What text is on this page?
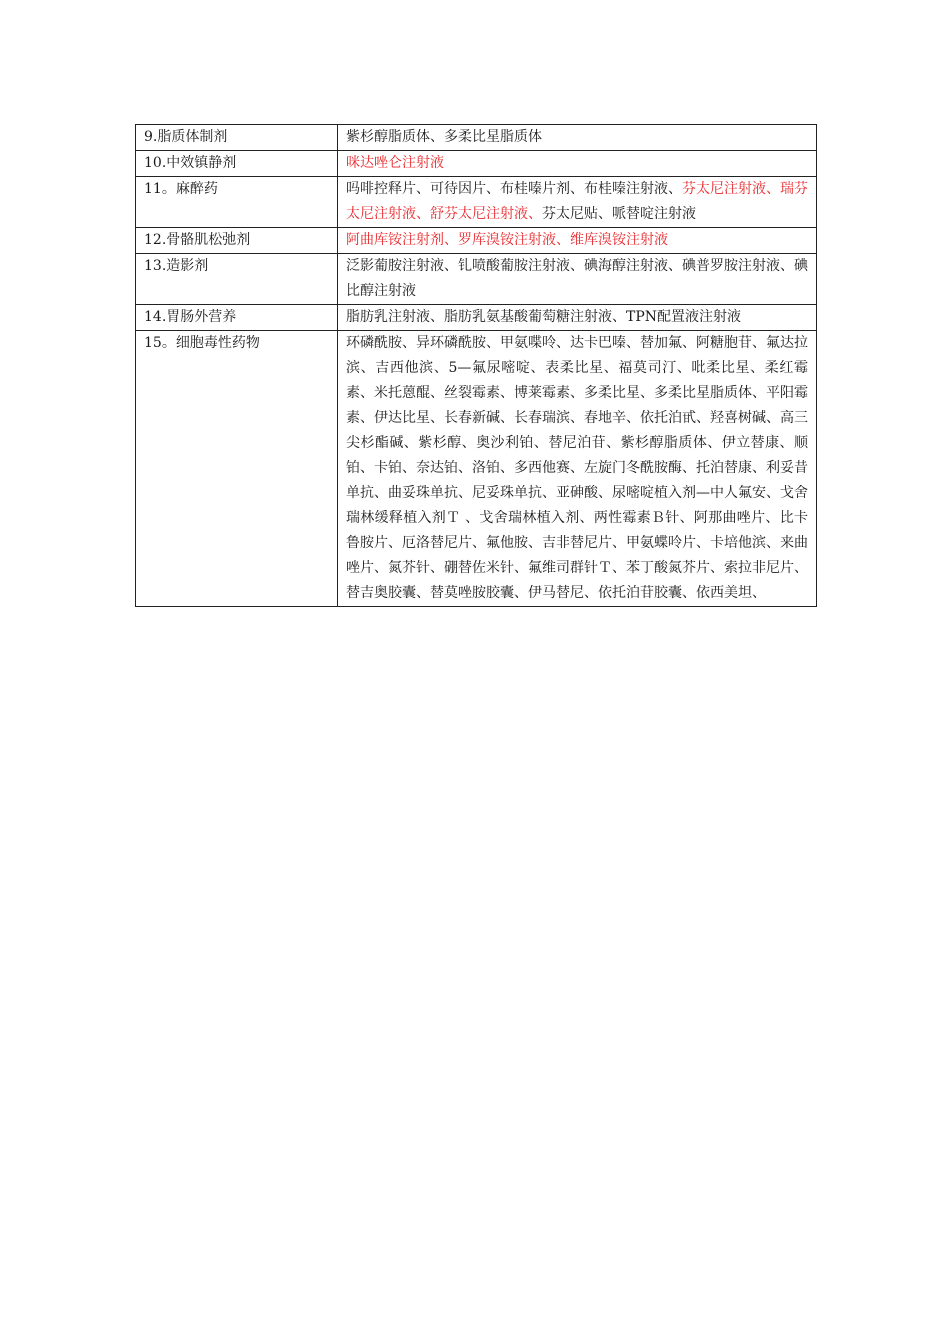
9.脂质体制剂	紫杉醇脂质体、多柔比星脂质体
10.中效镇静剂	咪达唑仑注射液
11。麻醉药	吗啡控释片、可待因片、布桂嗪片剂、布桂嗪注射液、芬太尼注射液、瑞芬太尼注射液、舒芬太尼注射液、芬太尼贴、哌替啶注射液
12.骨骼肌松弛剂	阿曲库铵注射剂、罗库溴铵注射液、维库溴铵注射液
13.造影剂	泛影葡胺注射液、钆喷酸葡胺注射液、碘海醇注射液、碘普罗胺注射液、碘比醇注射液
14.胃肠外营养	脂肪乳注射液、脂肪乳氨基酸葡萄糖注射液、TPN配置液注射液
15。细胞毒性药物	环磷酰胺、异环磷酰胺、甲氨喋呤、达卡巴嗪、替加氟、阿糖胞苷、氟达拉滨、吉西他滨、5—氟尿嘧啶、表柔比星、福莫司汀、吡柔比星、柔红霉素、米托蒽醌、丝裂霉素、博莱霉素、多柔比星、多柔比星脂质体、平阳霉素、伊达比星、长春新碱、长春瑞滨、春地辛、依托泊甙、羟喜树碱、高三尖杉酯碱、紫杉醇、奥沙利铂、替尼泊苷、紫杉醇脂质体、伊立替康、顺铂、卡铂、奈达铂、洛铂、多西他赛、左旋门冬酰胺酶、托泊替康、利妥昔单抗、曲妥珠单抗、尼妥珠单抗、亚砷酸、尿嘧啶植入剂—中人氟安、戈舍瑞林缓释植入剂Ｔ 、戈舍瑞林植入剂、两性霉素Ｂ针、阿那曲唑片、比卡鲁胺片、厄洛替尼片、氟他胺、吉非替尼片、甲氨蝶呤片、卡培他滨、来曲唑片、氮芥针、硼替佐米针、氟维司群针Ｔ、苯丁酸氮芥片、索拉非尼片、替吉奥胶囊、替莫唑胺胶囊、伊马替尼、依托泊苷胶囊、依西美坦、
